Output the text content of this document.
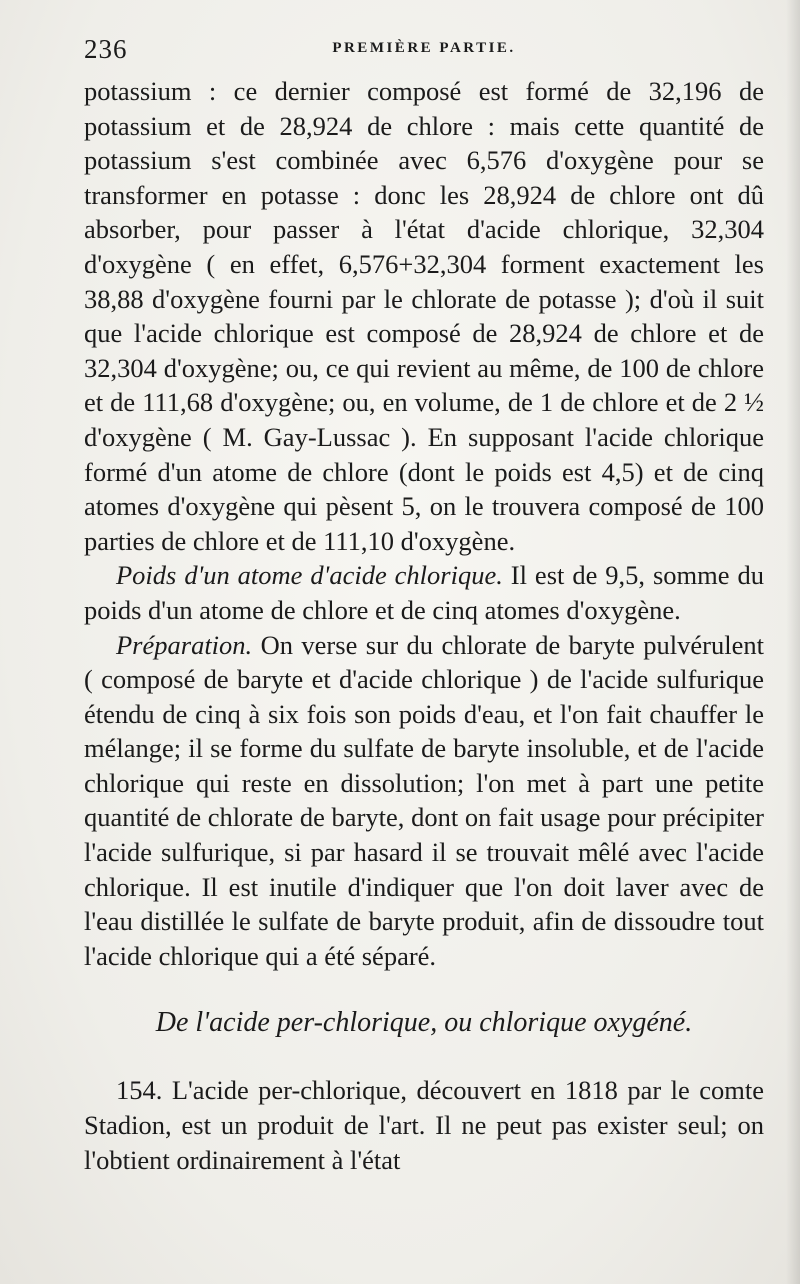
236	PREMIÈRE PARTIE.

potassium : ce dernier composé est formé de 32,196 de potassium et de 28,924 de chlore : mais cette quantité de potassium s'est combinée avec 6,576 d'oxygène pour se transformer en potasse : donc les 28,924 de chlore ont dû absorber, pour passer à l'état d'acide chlorique, 32,304 d'oxygène ( en effet, 6,576+32,304 forment exactement les 38,88 d'oxygène fourni par le chlorate de potasse ); d'où il suit que l'acide chlorique est composé de 28,924 de chlore et de 32,304 d'oxygène; ou, ce qui revient au même, de 100 de chlore et de 111,68 d'oxygène; ou, en volume, de 1 de chlore et de 2 ½ d'oxygène ( M. Gay-Lussac ). En supposant l'acide chlorique formé d'un atome de chlore (dont le poids est 4,5) et de cinq atomes d'oxygène qui pèsent 5, on le trouvera composé de 100 parties de chlore et de 111,10 d'oxygène.

Poids d'un atome d'acide chlorique. Il est de 9,5, somme du poids d'un atome de chlore et de cinq atomes d'oxygène.

Préparation. On verse sur du chlorate de baryte pulvérulent ( composé de baryte et d'acide chlorique ) de l'acide sulfurique étendu de cinq à six fois son poids d'eau, et l'on fait chauffer le mélange; il se forme du sulfate de baryte insoluble, et de l'acide chlorique qui reste en dissolution; l'on met à part une petite quantité de chlorate de baryte, dont on fait usage pour précipiter l'acide sulfurique, si par hasard il se trouvait mêlé avec l'acide chlorique. Il est inutile d'indiquer que l'on doit laver avec de l'eau distillée le sulfate de baryte produit, afin de dissoudre tout l'acide chlorique qui a été séparé.

De l'acide per-chlorique, ou chlorique oxygéné.

154. L'acide per-chlorique, découvert en 1818 par le comte Stadion, est un produit de l'art. Il ne peut pas exister seul; on l'obtient ordinairement à l'état
